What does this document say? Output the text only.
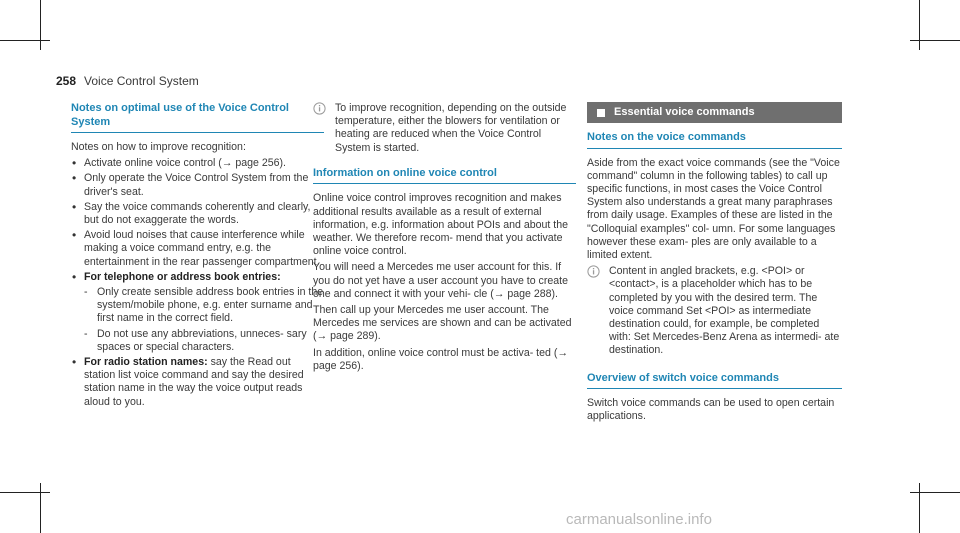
258 Voice Control System
Notes on optimal use of the Voice Control System

Notes on how to improve recognition:

• Activate online voice control (→ page 256).
• Only operate the Voice Control System from the driver's seat.
• Say the voice commands coherently and clearly, but do not exaggerate the words.
• Avoid loud noises that cause interference while making a voice command entry, e.g. the entertainment in the rear passenger compartment.
• For telephone or address book entries:
- Only create sensible address book entries in the system/mobile phone, e.g. enter surname and first name in the correct field.
- Do not use any abbreviations, unneces- sary spaces or special characters.
• For radio station names: say the Read out station list voice command and say the desired station name in the way the voice output reads aloud to you.

To improve recognition, depending on the outside temperature, either the blowers for ventilation or heating are reduced when the Voice Control System is started.

Information on online voice control

Online voice control improves recognition and makes additional results available as a result of external information, e.g. information about POIs and about the weather. We therefore recom- mend that you activate online voice control.

You will need a Mercedes me user account for this. If you do not yet have a user account you have to create one and connect it with your vehi- cle (→ page 288).

Then call up your Mercedes me user account. The Mercedes me services are shown and can be activated (→ page 289).

In addition, online voice control must be activa- ted (→ page 256).

Essential voice commands
Notes on the voice commands

Aside from the exact voice commands (see the "Voice command" column in the following tables) to call up specific functions, in most cases the Voice Control System also understands a great many paraphrases from daily usage. Examples of these are listed in the "Colloquial examples" col- umn. For some languages however these exam- ples are only available to a limited extent.

Content in angled brackets, e.g. <POI> or <contact>, is a placeholder which has to be completed by you with the desired term. The voice command Set <POI> as intermediate destination could, for example, be completed with: Set Mercedes-Benz Arena as intermedi- ate destination.

Overview of switch voice commands

Switch voice commands can be used to open certain applications.

carmanualsonline.info
